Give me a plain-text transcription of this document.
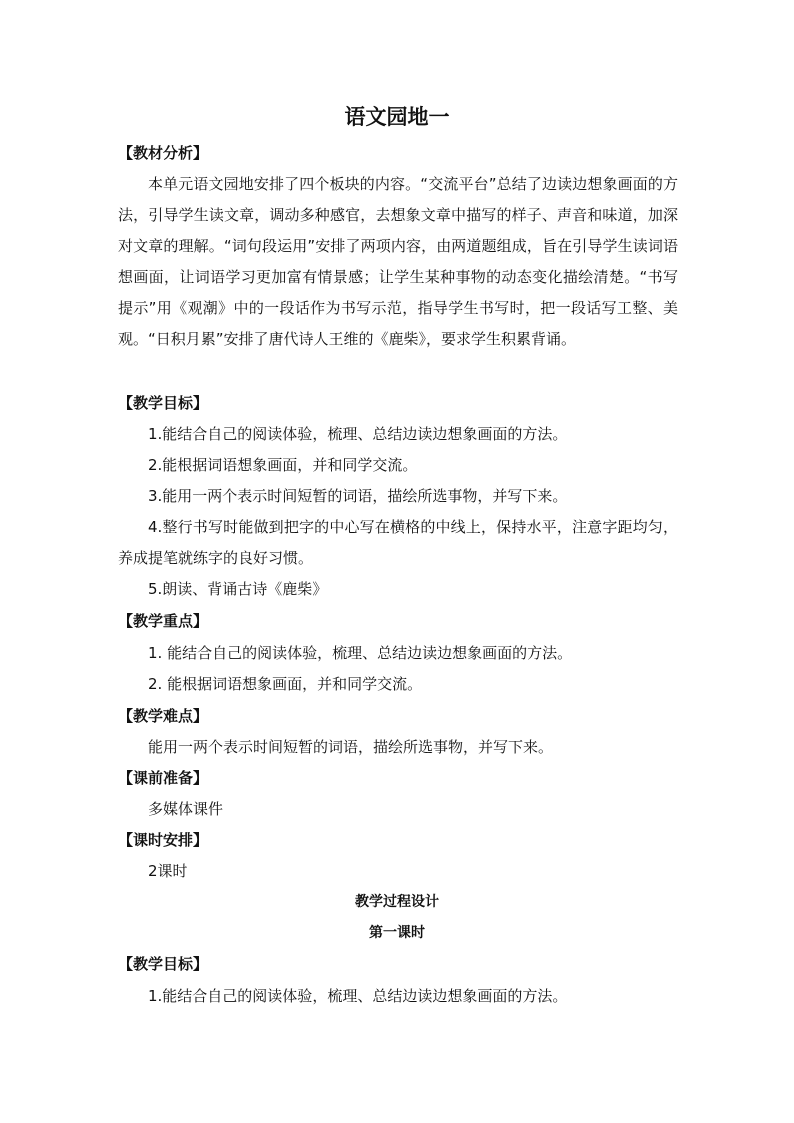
语文园地一
【教材分析】

本单元语文园地安排了四个板块的内容。“交流平台”总结了边读边想象画面的方法，引导学生读文章，调动多种感官，去想象文章中描写的样子、声音和味道，加深对文章的理解。“词句段运用”安排了两项内容，由两道题组成，旨在引导学生读词语想画面，让词语学习更加富有情景感；让学生某种事物的动态变化描绘清楚。“书写提示”用《观潮》中的一段话作为书写示范，指导学生书写时，把一段话写工整、美观。“日积月累”安排了唐代诗人王维的《鹿柴》，要求学生积累背诵。

【教学目标】
1.能结合自己的阅读体验，梳理、总结边读边想象画面的方法。
2.能根据词语想象画面，并和同学交流。
3.能用一两个表示时间短暂的词语，描绘所选事物，并写下来。

4.整行书写时能做到把字的中心写在横格的中线上，保持水平，注意字距均匀，养成提笔就练字的良好习惯。

5.朗读、背诵古诗《鹿柴》
【教学重点】
1. 能结合自己的阅读体验，梳理、总结边读边想象画面的方法。
2. 能根据词语想象画面，并和同学交流。
【教学难点】
能用一两个表示时间短暂的词语，描绘所选事物，并写下来。
【课前准备】
多媒体课件
【课时安排】
2课时
教学过程设计
第一课时
【教学目标】
1.能结合自己的阅读体验，梳理、总结边读边想象画面的方法。
